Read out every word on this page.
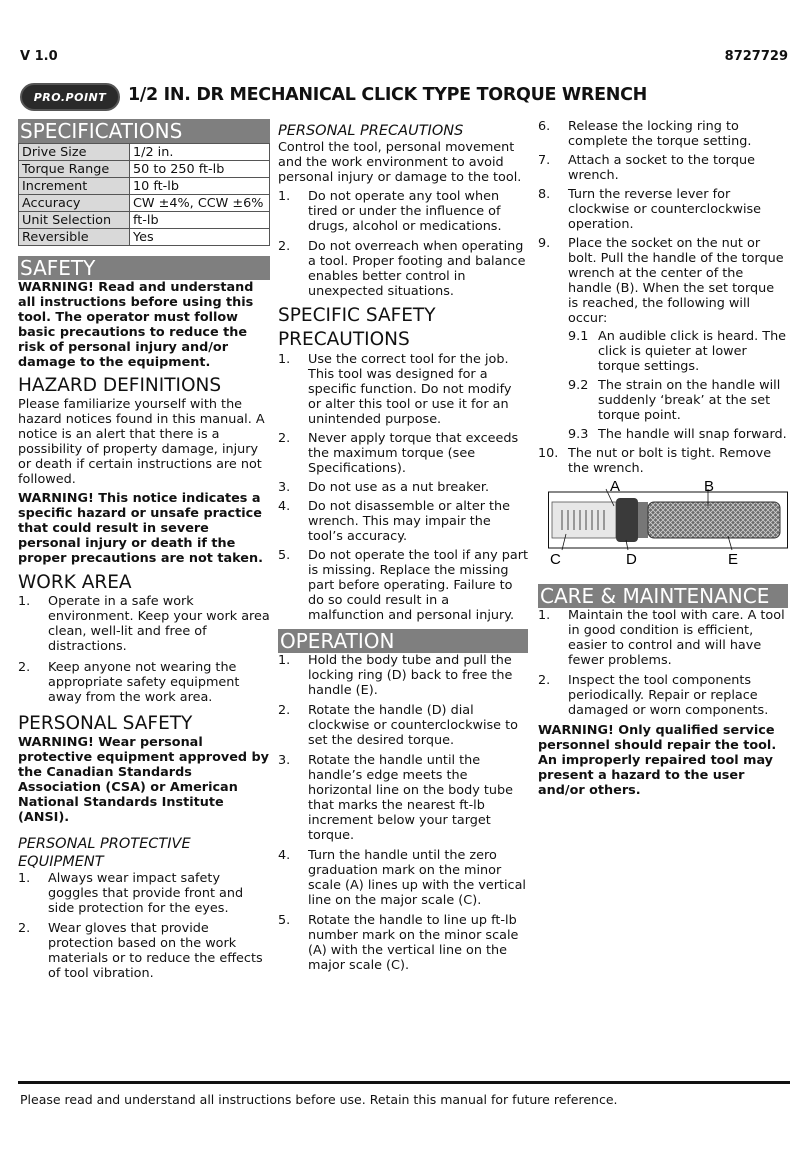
V 1.0	8727729
PRO.POINT 1/2 IN. DR MECHANICAL CLICK TYPE TORQUE WRENCH
SPECIFICATIONS
Drive Size	1/2 in.
Torque Range	50 to 250 ft-lb
Increment	10 ft-lb
Accuracy	CW ±4%, CCW ±6%
Unit Selection	ft-lb
Reversible	Yes
SAFETY

WARNING! Read and understand all instructions before using this tool. The operator must follow basic precautions to reduce the risk of personal injury and/or damage to the equipment.

HAZARD DEFINITIONS

Please familiarize yourself with the hazard notices found in this manual. A notice is an alert that there is a possibility of property damage, injury or death if certain instructions are not followed.

WARNING! This notice indicates a specific hazard or unsafe practice that could result in severe personal injury or death if the proper precautions are not taken.

WORK AREA
1.	Operate in a safe work environment. Keep your work area clean, well-lit and free of distractions.
2.	Keep anyone not wearing the appropriate safety equipment away from the work area.
PERSONAL SAFETY

WARNING! Wear personal protective equipment approved by the Canadian Standards Association (CSA) or American National Standards Institute (ANSI).

PERSONAL PROTECTIVE EQUIPMENT
1.	Always wear impact safety goggles that provide front and side protection for the eyes.
2.	Wear gloves that provide protection based on the work materials or to reduce the effects of tool vibration.
PERSONAL PRECAUTIONS

Control the tool, personal movement and the work environment to avoid personal injury or damage to the tool.

1.	Do not operate any tool when tired or under the influence of drugs, alcohol or medications.
2.	Do not overreach when operating a tool. Proper footing and balance enables better control in unexpected situations.
SPECIFIC SAFETY PRECAUTIONS
1.	Use the correct tool for the job. This tool was designed for a specific function. Do not modify or alter this tool or use it for an unintended purpose.
2.	Never apply torque that exceeds the maximum torque (see Specifications).
3.	Do not use as a nut breaker.
4.	Do not disassemble or alter the wrench. This may impair the tool’s accuracy.
5.	Do not operate the tool if any part is missing. Replace the missing part before operating. Failure to do so could result in a malfunction and personal injury.
OPERATION
1.	Hold the body tube and pull the locking ring (D) back to free the handle (E).
2.	Rotate the handle (D) dial clockwise or counterclockwise to set the desired torque.
3.	Rotate the handle until the handle’s edge meets the horizontal line on the body tube that marks the nearest ft-lb increment below your target torque.
4.	Turn the handle until the zero graduation mark on the minor scale (A) lines up with the vertical line on the major scale (C).
5.	Rotate the handle to line up ft-lb number mark on the minor scale (A) with the vertical line on the major scale (C).
6.	Release the locking ring to complete the torque setting.
7.	Attach a socket to the torque wrench.
8.	Turn the reverse lever for clockwise or counterclockwise operation.
9.	Place the socket on the nut or bolt. Pull the handle of the torque wrench at the center of the handle (B). When the set torque is reached, the following will occur:
9.1 An audible click is heard. The click is quieter at lower torque settings.
9.2 The strain on the handle will suddenly ‘break’ at the set torque point.
9.3 The handle will snap forward.
10. The nut or bolt is tight. Remove the wrench.
A	B
C	D	E
CARE & MAINTENANCE
1.	Maintain the tool with care. A tool in good condition is efficient, easier to control and will have fewer problems.
2.	Inspect the tool components periodically. Repair or replace damaged or worn components.

WARNING! Only qualified service personnel should repair the tool. An improperly repaired tool may present a hazard to the user and/or others.

Please read and understand all instructions before use. Retain this manual for future reference.
